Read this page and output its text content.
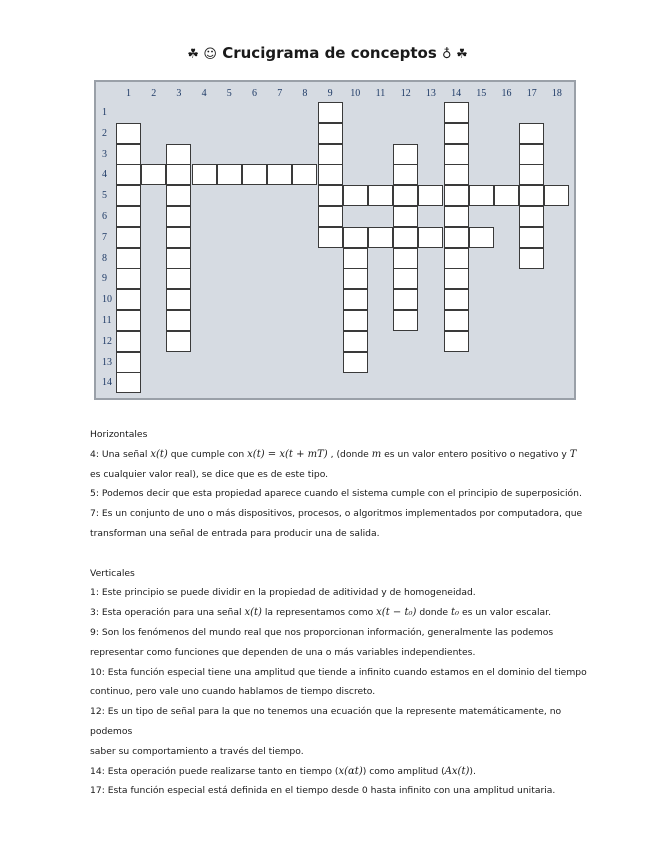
☘ ☺ Crucigrama de conceptos ♁ ☘
1	2	3	4	5	6	7	8	9	10	11	12	13	14	15	16	17	18
1
2
3
4
5
6
7
8
9
10
11
12
13
14

Horizontales

4: Una señal x(t) que cumple con x(t) = x(t + mT) , (donde m es un valor entero positivo o negativo y T

es cualquier valor real), se dice que es de este tipo.

5: Podemos decir que esta propiedad aparece cuando el sistema cumple con el principio de superposición.

7: Es un conjunto de uno o más dispositivos, procesos, o algoritmos implementados por computadora, que

transforman una señal de entrada para producir una de salida.

Verticales

1: Este principio se puede dividir en la propiedad de aditividad y de homogeneidad.

3: Esta operación para una señal x(t) la representamos como x(t − t₀) donde t₀ es un valor escalar.

9: Son los fenómenos del mundo real que nos proporcionan información, generalmente las podemos

representar como funciones que dependen de una o más variables independientes.

10: Esta función especial tiene una amplitud que tiende a infinito cuando estamos en el dominio del tiempo

continuo, pero vale uno cuando hablamos de tiempo discreto.

12: Es un tipo de señal para la que no tenemos una ecuación que la represente matemáticamente, no podemos

saber su comportamiento a través del tiempo.

14: Esta operación puede realizarse tanto en tiempo (x(αt)) como amplitud (Ax(t)).

17: Esta función especial está definida en el tiempo desde 0 hasta infinito con una amplitud unitaria.
